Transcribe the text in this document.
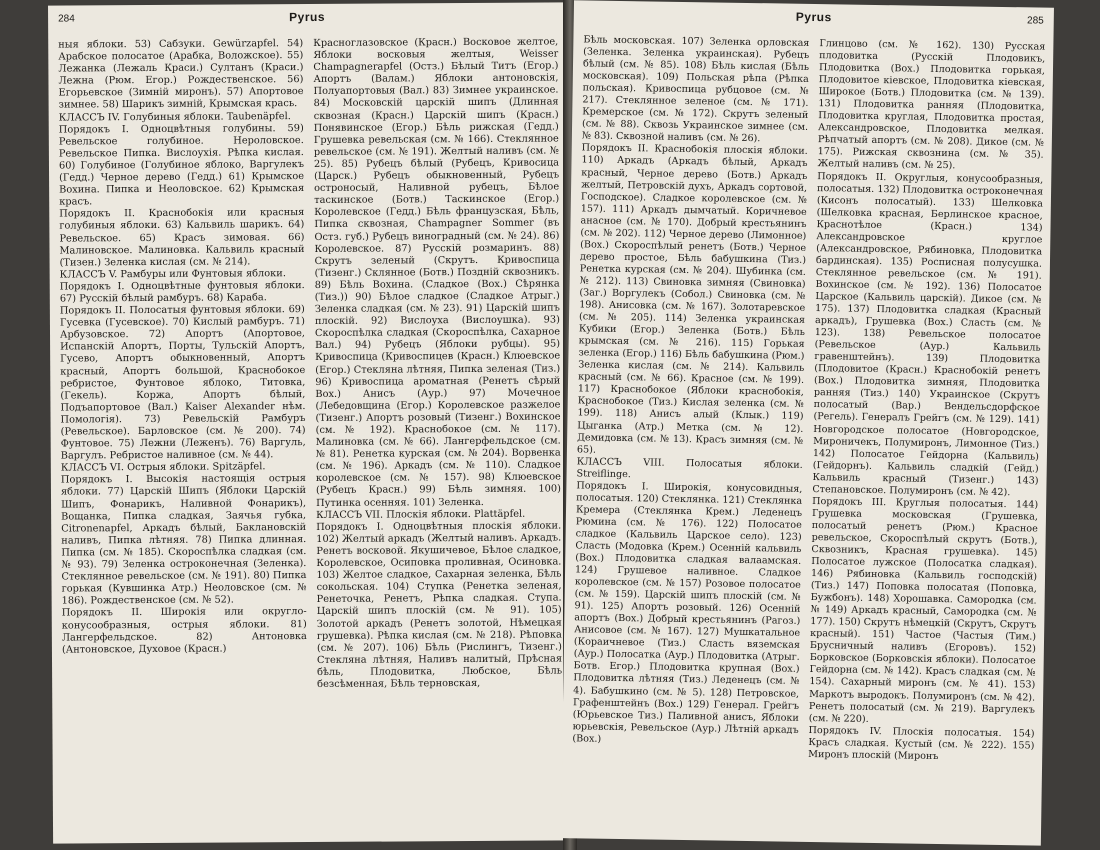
284	Pyrus
ныя яблоки. 53) Сабзуки. Gewürzapfel. 54) Арабское полосатое (Арабка, Воложское). 55) Лежанка (Лежаль Краси.) Султанъ (Краси.) Лежна (Рюм. Егор.) Рождественское. 56) Егорьевское (Зимній миронъ). 57) Апортовое зимнее. 58) Шарикъ зимній, Крымская крась.
КЛАССЪ IV. Голубиныя яблоки. Taubenäpfel.
Порядокъ I. Одноцвѣтныя голубины. 59) Ревельское голубиное. Нероловское. Ревельское Пипка. Вислоухія. Рѣпка кислая. 60) Голубиное (Голубиное яблоко, Варгулекъ (Гедд.) Черное дерево (Гедд.) 61) Крымское Вохина. Пипка и Неоловское. 62) Крымская красъ.
Порядокъ II. Краснобокія или красныя голубиныя яблоки. 63) Кальвиль шарикъ. 64) Ревельское. 65) Красъ зимовая. 66) Малиновское. Малиновка. Кальвиль красный (Тизен.) Зеленка кислая (см. № 214).
КЛАССЪ V. Рамбуры или Фунтовыя яблоки.
Порядокъ I. Одноцвѣтные фунтовыя яблоки. 67) Русскій бѣлый рамбуръ. 68) Караба.
Порядокъ II. Полосатыя фунтовыя яблоки. 69) Гусевка (Гусевское). 70) Кислый рамбуръ. 71) Арбузовское. 72) Апортъ (Апортовое, Испанскій Апортъ, Порты, Тульскій Апортъ, Гусево, Апортъ обыкновенный, Апортъ красный, Апортъ большой, Краснобокое ребристое, Фунтовое яблоко, Титовка, (Гекель). Коржа, Апортъ бѣлый, Подъапортовое (Вал.) Kaiser Alexander нѣм. Помологія). 73) Ревельскій Рамбуръ (Ревельское). Барловское (см. № 200). 74) Фунтовое. 75) Лежни (Леженъ). 76) Варгуль, Варгулъ. Ребристое наливное (см. № 44).
КЛАССЪ VI. Острыя яблоки. Spitzäpfel.
Порядокъ I. Высокія настоящія острыя яблоки. 77) Царскій Шипъ (Яблоки Царскій Шипъ, Фонарикъ, Наливной Фонарикъ), Вощанка, Пипка сладкая, Заячья губка, Citronenapfel, Аркадъ бѣлый, Баклановскій наливъ, Пипка лѣтняя. 78) Пипка длинная. Пипка (см. № 185). Скороспѣлка сладкая (см. № 93). 79) Зеленка остроконечная (Зеленка). Стеклянное ревельское (см. № 191). 80) Пипка горькая (Кувшинка Атр.) Неоловское (см. № 186). Рождественское (см. № 52).
Порядокъ II. Широкія или округло-конусообразныя, острыя яблоки. 81) Лангерфельдское. 82) Антоновка (Антоновское, Духовое (Красн.)
Красноглазовское (Красн.) Восковое желтое, Яблоки восковыя желтыя, Weisser Champagnerapfel (Остз.) Бѣлый Титъ (Егор.) Апортъ (Валам.) Яблоки антоновскія, Полуапортовыя (Вал.) 83) Зимнее украинское. 84) Московскій царскій шипъ (Длинная сквозная (Красн.) Царскій шипъ (Красн.) Понявинское (Егор.) Бѣль рижская (Гедд.) Грушевка ревельская (см. № 166). Стеклянное ревельское (см. № 191). Желтый наливъ (см. № 25). 85) Рубецъ бѣлый (Рубецъ, Кривосица (Царск.) Рубецъ обыкновенный, Рубецъ остроносый, Наливной рубецъ, Бѣлое таскинское (Ботв.) Таскинское (Егор.) Королевское (Гедд.) Бѣль французская, Бѣль, Пипка сквозная, Champagner Sommer (въ Остз. губ.) Рубецъ виноградный (см. № 24). 86) Королевское. 87) Русскій розмаринъ. 88) Скрутъ зеленый (Скрутъ. Кривоспица (Тизенг.) Склянное (Ботв.) Поздній сквозникъ. 89) Бѣль Вохина. (Сладкое (Вох.) Сѣрянка (Тиз.)) 90) Бѣлое сладкое (Сладкое Атрыг.) Зеленка сладкая (см. № 23). 91) Царскій шипъ плоскій. 92) Вислоуха (Вислоушка). 93) Скороспѣлка сладкая (Скороспѣлка, Сахарное Вал.) 94) Рубецъ (Яблоки рубцы). 95) Кривоспица (Кривоспицев (Красн.) Клюевское (Егор.) Стекляна лѣтняя, Пипка зеленая (Тиз.) 96) Кривоспица ароматная (Ренетъ сѣрый Вох.) Анисъ (Аур.) 97) Мочечное (Лебедовщина (Егор.) Королевское разжелое (Тизенг.) Апортъ розовый (Тизенг.) Вохинское (см. № 192). Краснобокое (см. № 117). Малиновка (см. № 66). Лангерфельдское (см. № 81). Ренетка курская (см. № 204). Ворвенка (см. № 196). Аркадъ (см. № 110). Сладкое королевское (см. № 157). 98) Клюевское (Рубецъ Красн.) 99) Бѣль зимняя. 100) Путинка осенняя. 101) Зеленка.
КЛАССЪ VII. Плоскія яблоки. Plattäpfel.
Порядокъ I. Одноцвѣтныя плоскія яблоки. 102) Желтый аркадъ (Желтый наливъ. Аркадъ. Ренетъ восковой. Якушичевое, Бѣлое сладкое, Королевское, Осиповка проливная, Осиновка. 103) Желтое сладкое, Сахарная зеленка, Бѣль сокольская. 104) Ступка (Ренетка зеленая, Ренеточка, Ренетъ, Рѣпка сладкая. Ступа. Царскій шипъ плоскій (см. № 91). 105) Золотой аркадъ (Ренетъ золотой, Нѣмецкая грушевка). Рѣпка кислая (см. № 218). Рѣповка (см. № 207). 106) Бѣль (Рислингъ, Тизенг.) Стекляна лѣтняя, Наливъ налитый, Прѣсная бѣль, Плодовитка, Любское, Бѣль безсѣменная, Бѣль терновская,
Pyrus	285
Бѣль московская. 107) Зеленка орловская (Зеленка. Зеленка украинская). Рубецъ бѣлый (см. № 85). 108) Бѣль кислая (Бѣль московская). 109) Польская рѣпа (Рѣпка польская). Кривоспица рубцовое (см. № 217). Стеклянное зеленое (см. № 171). Кремерское (см. № 172). Скрутъ зеленый (см. № 88). Сквозь Украинское зимнее (см. № 83). Сквозной наливъ (см. № 26).
Порядокъ II. Краснобокія плоскія яблоки. 110) Аркадъ (Аркадъ бѣлый, Аркадъ красный, Черное дерево (Ботв.) Аркадъ желтый, Петровскій духъ, Аркадъ сортовой, Господское). Сладкое королевское (см. № 157). 111) Аркадъ дымчатый. Коричневое анасное (см. № 170). Добрый крестьянинъ (см. № 202). 112) Черное дерево (Лимонное) (Вох.) Скороспѣлый ренетъ (Ботв.) Черное дерево простое, Бѣль бабушкина (Тиз.) Ренетка курская (см. № 204). Шубинка (см. № 212). 113) Свиновка зимняя (Свиновка) (Заг.) Воргулекъ (Собол.) Свиновка (см. № 198). Анисовка (см. № 167). Золотаревское (см. № 205). 114) Зеленка украинская Кубики (Егор.) Зеленка (Ботв.) Бѣль крымская (см. № 216). 115) Горькая зеленка (Егор.) 116) Бѣль бабушкина (Рюм.) Зеленка кислая (см. № 214). Кальвиль красный (см. № 66). Красное (см. № 199). 117) Краснобокое (Яблоки краснобокія, Краснобокое (Тиз.) Кислая зеленка (см. № 199). 118) Анисъ алый (Клык.) 119) Цыганка (Атр.) Метка (см. № 12). Демидовка (см. № 13). Красъ зимняя (см. № 65).
КЛАССЪ VIII. Полосатыя яблоки. Streiflinge.
Порядокъ I. Широкія, конусовидныя, полосатыя. 120) Стеклянка. 121) Стеклянка Кремера (Стеклянка Крем.) Леденецъ Рюмина (см. № 176). 122) Полосатое сладкое (Кальвиль Царское село). 123) Сласть (Модовка (Крем.) Осенній кальвиль (Вох.) Плодовитка сладкая валаамская. 124) Грушевое наливное. Сладкое королевское (см. № 157) Розовое полосатое (см. № 159). Царскій шипъ плоскій (см. № 91). 125) Апортъ розовый. 126) Осенній апортъ (Вох.) Добрый крестьянинъ (Рагоз.) Анисовое (см. № 167). 127) Мушкатальное (Кораичневое (Тиз.) Сласть вяземская (Аур.) Полосатка (Аур.) Плодовитка (Атрыг. Ботв. Егор.) Плодовитка крупная (Вох.) Плодовитка лѣтняя (Тиз.) Леденецъ (см. № 4). Бабушкино (см. № 5). 128) Петровское, Графенштейнъ (Вох.) 129) Генерал. Грейгъ (Юрьевское Тиз.) Паливной анисъ, Яблоки юрьевскія, Ревельское (Аур.) Лѣтній аркадъ (Вох.)
Глинцово (см. № 162). 130) Русская плодовитка (Русскій Плодовикъ, Плодовитка (Вох.) Плодовитка горькая, Плодовитое кіевское, Плодовитка кіевская, Широкое (Ботв.) Плодовитка (см. № 139). 131) Плодовитка ранняя (Плодовитка, Плодовитка круглая, Плодовитка простая, Александровское, Плодовитка мелкая. Рѣпчатый апортъ (см. № 208). Дикое (см. № 175). Рижская сквознина (см. № 35). Желтый наливъ (см. № 25).
Порядокъ II. Округлыя, конусообразныя, полосатыя. 132) Плодовитка остроконечная (Кисонъ полосатый). 133) Шелковка (Шелковка красная, Берлинское красное, Краснотѣлое (Красн.) 134) Александровское круглое (Александровское, Рябиновка, Плодовитка бардинская). 135) Росписная полусушка. Стеклянное ревельское (см. № 191). Вохинское (см. № 192). 136) Полосатое Царское (Кальвиль царскій). Дикое (см. № 175). 137) Плодовитка сладкая (Красный аркадъ), Грушевка (Вох.) Сласть (см. № 123). 138) Ревельское полосатое (Ревельское (Аур.) Кальвиль гравенштейнъ). 139) Плодовитка (Плодовитое (Красн.) Краснобокій ренетъ (Вох.) Плодовитка зимняя, Плодовитка ранняя (Тиз.) 140) Украинское (Скрутъ полосатый (Вар.) Вендельсдорфское (Регель). Генералъ Грейгъ (см. № 129). 141) Новгородское полосатое (Новгородское, Мироничекъ, Полумиронъ, Лимонное (Тиз.) 142) Полосатое Гейдорна (Кальвиль) (Гейдорнъ). Кальвиль сладкій (Гейд.) Кальвиль красный (Тизенг.) 143) Степановское. Полумиронъ (см. № 42).
Порядокъ III. Круглыя полосатыя. 144) Грушевка московская (Грушевка, полосатый ренетъ (Рюм.) Красное ревельское, Скороспѣлый скрутъ (Ботв.), Сквозникъ, Красная грушевка). 145) Полосатое лужское (Полосатка сладкая). 146) Рябиновка (Кальвиль господскій) (Тиз.) 147) Поповка полосатая (Поповка, Бужбонъ). 148) Хорошавка. Самородка (см. № 149) Аркадъ красный, Самородка (см. № 177). 150) Скрутъ нѣмецкій (Скрутъ, Скрутъ красный). 151) Частое (Частыя (Тим.) Брусничный наливъ (Егоровъ). 152) Борковское (Борковскія яблоки). Полосатое Гейдорна (см. № 142). Красъ сладкая (см. № 154). Сахарный миронъ (см. № 41). 153) Маркотъ выродокъ. Полумиронъ (см. № 42). Ренетъ полосатый (см. № 219). Варгулекъ (см. № 220).
Порядокъ IV. Плоскія полосатыя. 154) Красъ сладкая. Кустый (см. № 222). 155) Миронъ плоскій (Миронъ
